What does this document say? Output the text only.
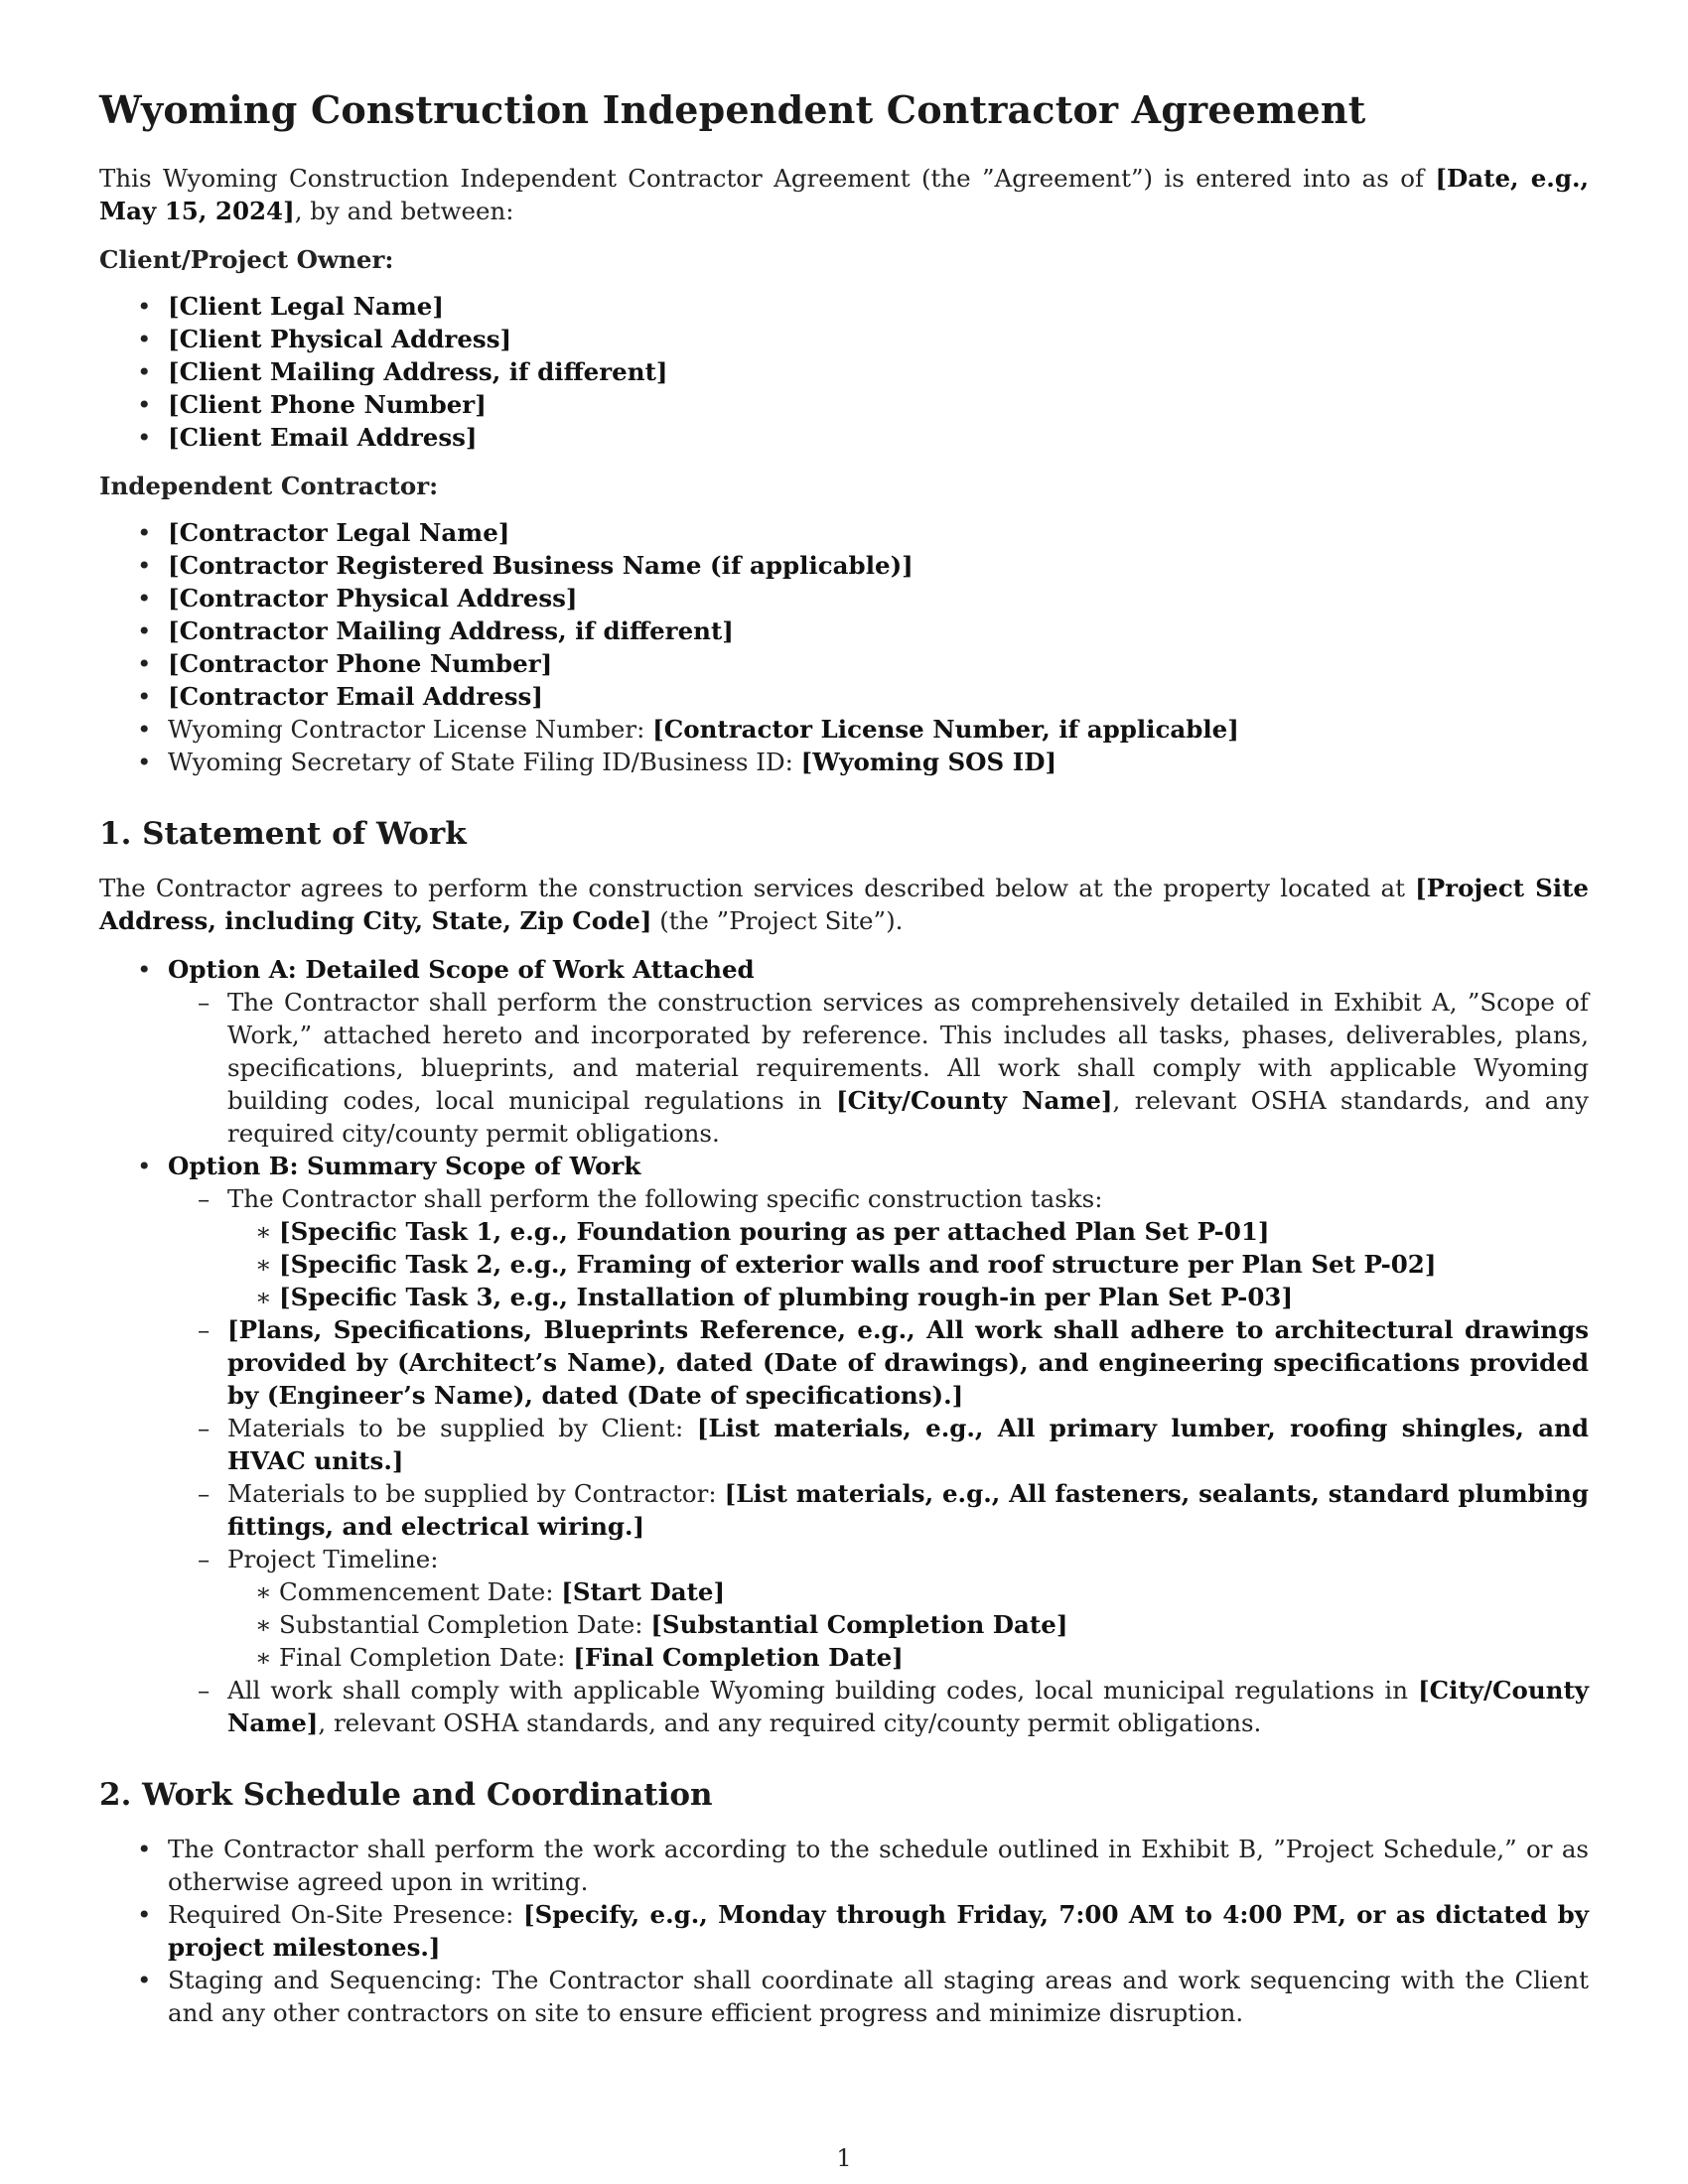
Wyoming Construction Independent Contractor Agreement

This Wyoming Construction Independent Contractor Agreement (the ”Agreement”) is entered into as of [Date, e.g., May 15, 2024], by and between:

Client/Project Owner:
• [Client Legal Name]
• [Client Physical Address]
• [Client Mailing Address, if different]
• [Client Phone Number]
• [Client Email Address]
Independent Contractor:
• [Contractor Legal Name]
• [Contractor Registered Business Name (if applicable)]
• [Contractor Physical Address]
• [Contractor Mailing Address, if different]
• [Contractor Phone Number]
• [Contractor Email Address]
• Wyoming Contractor License Number: [Contractor License Number, if applicable]
• Wyoming Secretary of State Filing ID/Business ID: [Wyoming SOS ID]
1. Statement of Work

The Contractor agrees to perform the construction services described below at the property located at [Project Site Address, including City, State, Zip Code] (the ”Project Site”).

• Option A: Detailed Scope of Work Attached
– The Contractor shall perform the construction services as comprehensively detailed in Exhibit A, ”Scope of Work,” attached hereto and incorporated by reference. This includes all tasks, phases, deliverables, plans, specifications, blueprints, and material requirements. All work shall comply with applicable Wyoming building codes, local municipal regulations in [City/County Name], relevant OSHA standards, and any required city/county permit obligations.
• Option B: Summary Scope of Work
– The Contractor shall perform the following specific construction tasks:
∗ [Specific Task 1, e.g., Foundation pouring as per attached Plan Set P-01]
∗ [Specific Task 2, e.g., Framing of exterior walls and roof structure per Plan Set P-02]
∗ [Specific Task 3, e.g., Installation of plumbing rough-in per Plan Set P-03]
– [Plans, Specifications, Blueprints Reference, e.g., All work shall adhere to architectural drawings provided by (Architect’s Name), dated (Date of drawings), and engineering specifications provided by (Engineer’s Name), dated (Date of specifications).]
– Materials to be supplied by Client: [List materials, e.g., All primary lumber, roofing shingles, and HVAC units.]
– Materials to be supplied by Contractor: [List materials, e.g., All fasteners, sealants, standard plumbing fittings, and electrical wiring.]
– Project Timeline:
∗ Commencement Date: [Start Date]
∗ Substantial Completion Date: [Substantial Completion Date]
∗ Final Completion Date: [Final Completion Date]
– All work shall comply with applicable Wyoming building codes, local municipal regulations in [City/County Name], relevant OSHA standards, and any required city/county permit obligations.
2. Work Schedule and Coordination
• The Contractor shall perform the work according to the schedule outlined in Exhibit B, ”Project Schedule,” or as otherwise agreed upon in writing.
• Required On-Site Presence: [Specify, e.g., Monday through Friday, 7:00 AM to 4:00 PM, or as dictated by project milestones.]
• Staging and Sequencing: The Contractor shall coordinate all staging areas and work sequencing with the Client and any other contractors on site to ensure efficient progress and minimize disruption.
1
